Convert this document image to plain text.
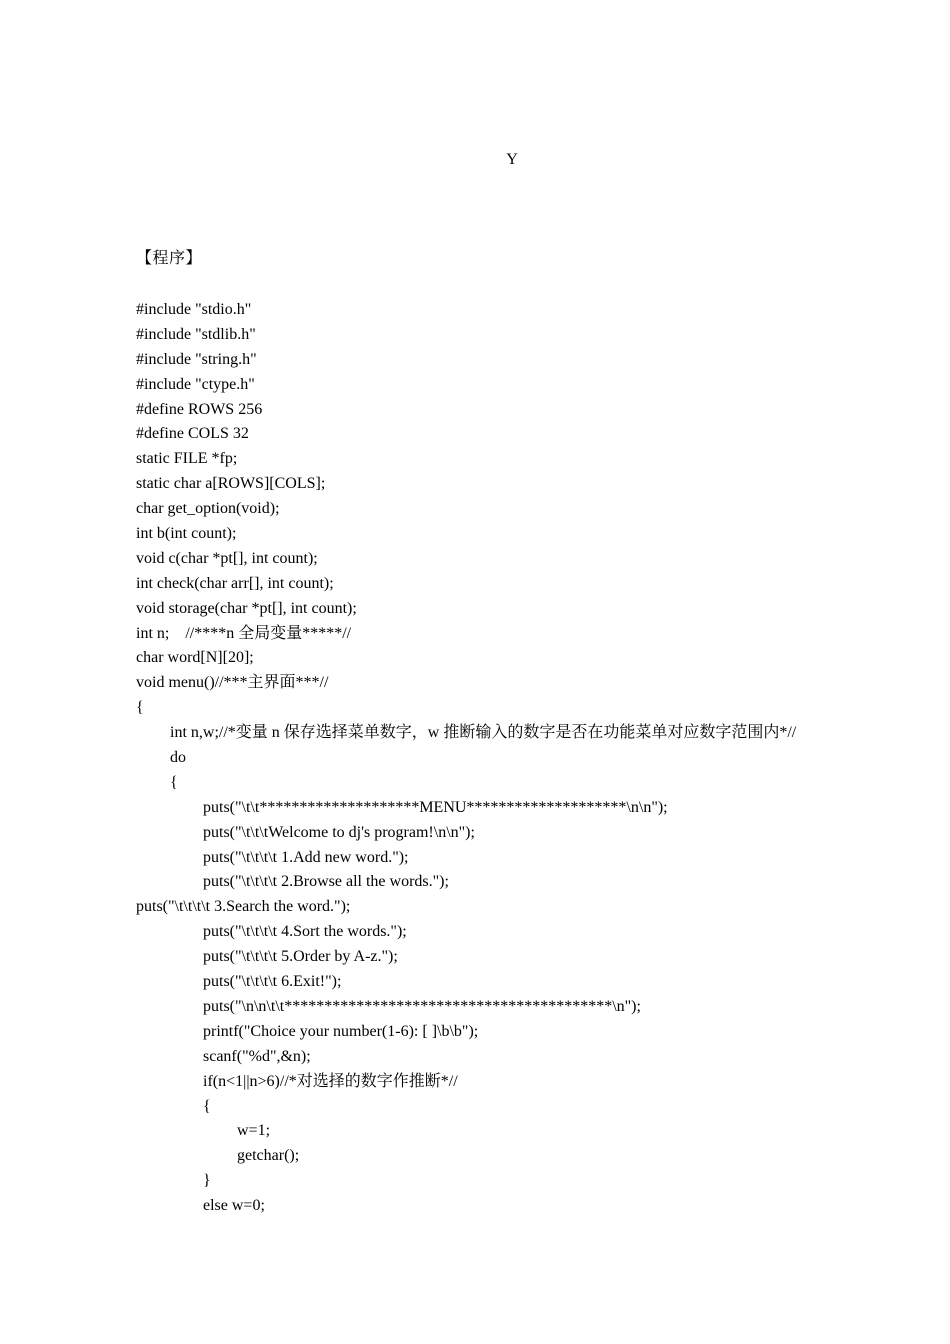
Y
【程序】
#include "stdio.h"
#include "stdlib.h"
#include "string.h"
#include "ctype.h"
#define ROWS 256
#define COLS 32
static FILE *fp;
static char a[ROWS][COLS];
char get_option(void);
int b(int count);
void c(char *pt[], int count);
int check(char arr[], int count);
void storage(char *pt[], int count);
int n;    //****n 全局变量*****//
char word[N][20];
void menu()//***主界面***//
{
int n,w;//*变量 n 保存选择菜单数字，w 推断输入的数字是否在功能菜单对应数字范围内*//
do
{
puts("\t\t********************MENU********************\n\n");
puts("\t\t\tWelcome to dj's program!\n\n");
puts("\t\t\t\t 1.Add new word.");
puts("\t\t\t\t 2.Browse all the words.");
puts("\t\t\t\t 3.Search the word.");
puts("\t\t\t\t 4.Sort the words.");
puts("\t\t\t\t 5.Order by A-z.");
puts("\t\t\t\t 6.Exit!");
puts("\n\n\t\t*****************************************\n");
printf("Choice your number(1-6): [ ]\b\b");
scanf("%d",&n);
if(n<1||n>6)//*对选择的数字作推断*//
{
w=1;
getchar();
}
else w=0;
